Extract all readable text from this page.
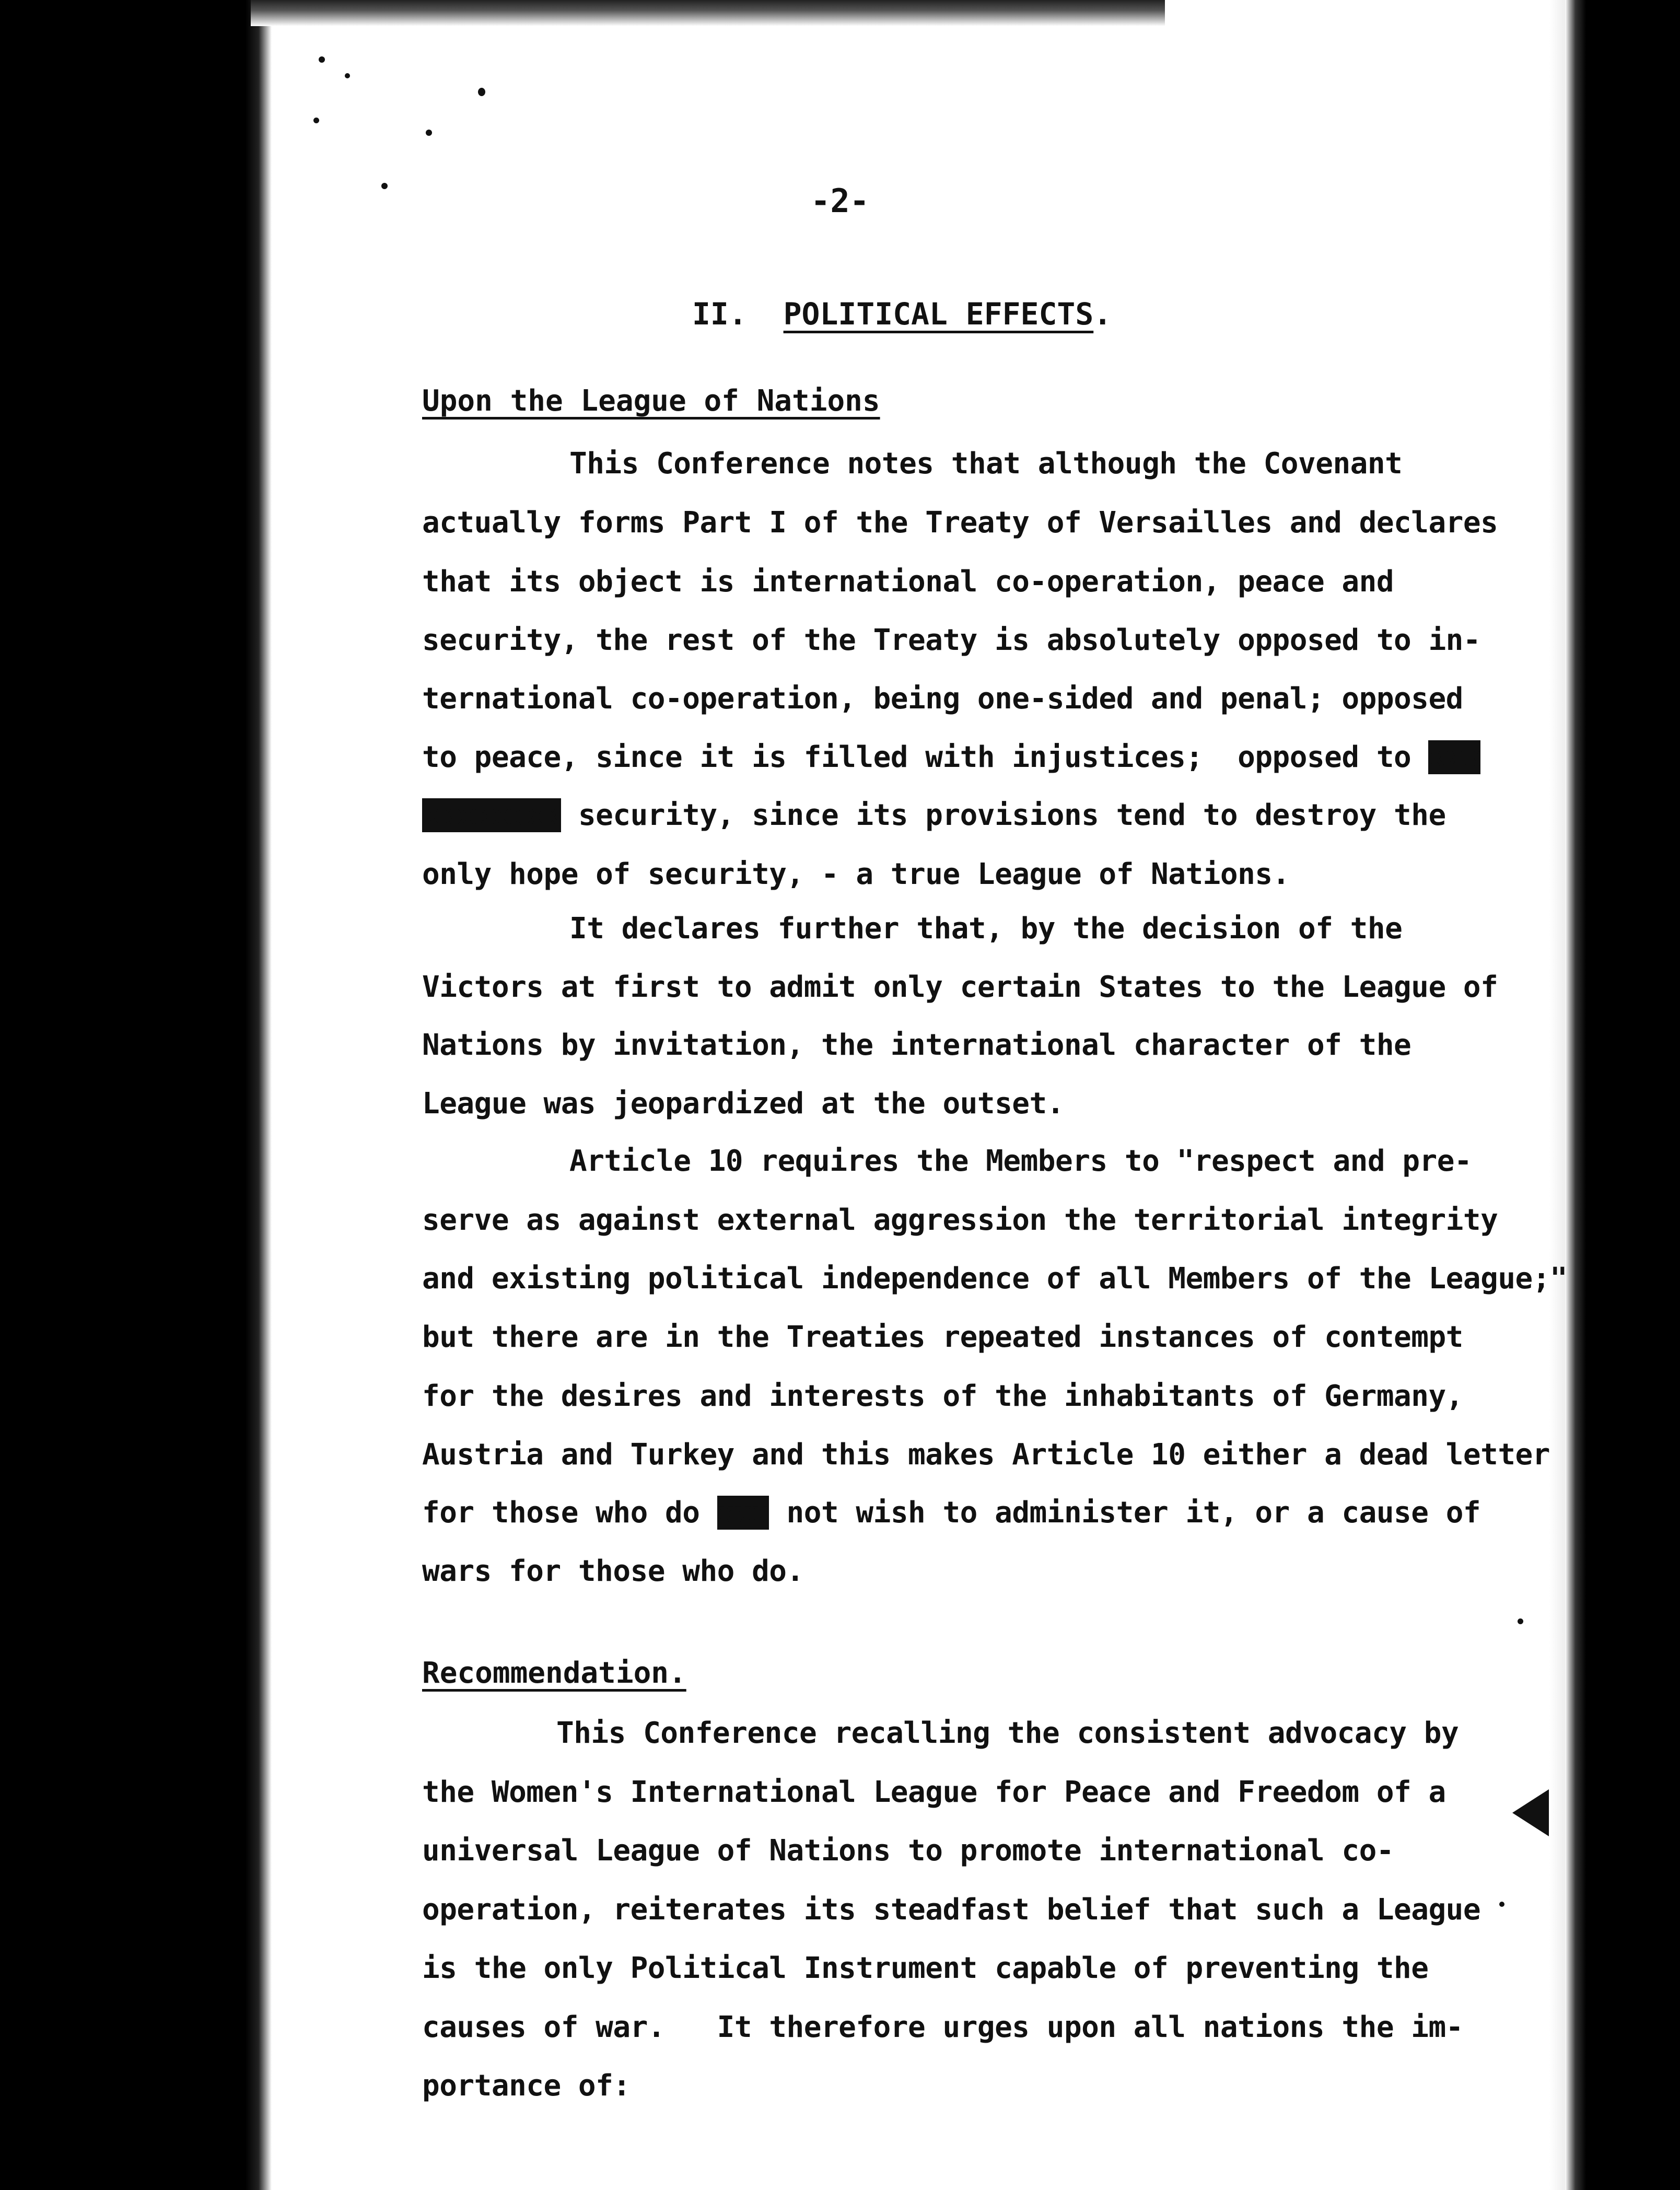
-2-
II. POLITICAL EFFECTS.
Upon the League of Nations
This Conference notes that although the Covenant
actually forms Part I of the Treaty of Versailles and declares
that its object is international co-operation, peace and
security, the rest of the Treaty is absolutely opposed to in-
ternational co-operation, being one-sided and penal; opposed
to peace, since it is filled with injustices;  opposed to xxx
xxxxxxxx security, since its provisions tend to destroy the
only hope of security, - a true League of Nations.
It declares further that, by the decision of the
Victors at first to admit only certain States to the League of
Nations by invitation, the international character of the
League was jeopardized at the outset.
Article 10 requires the Members to "respect and pre-
serve as against external aggression the territorial integrity
and existing political independence of all Members of the League;"
but there are in the Treaties repeated instances of contempt
for the desires and interests of the inhabitants of Germany,
Austria and Turkey and this makes Article 10 either a dead letter
for those who do xxx not wish to administer it, or a cause of
wars for those who do.
Recommendation.
This Conference recalling the consistent advocacy by
the Women's International League for Peace and Freedom of a
universal League of Nations to promote international co-
operation, reiterates its steadfast belief that such a League
is the only Political Instrument capable of preventing the
causes of war.   It therefore urges upon all nations the im-
portance of:
